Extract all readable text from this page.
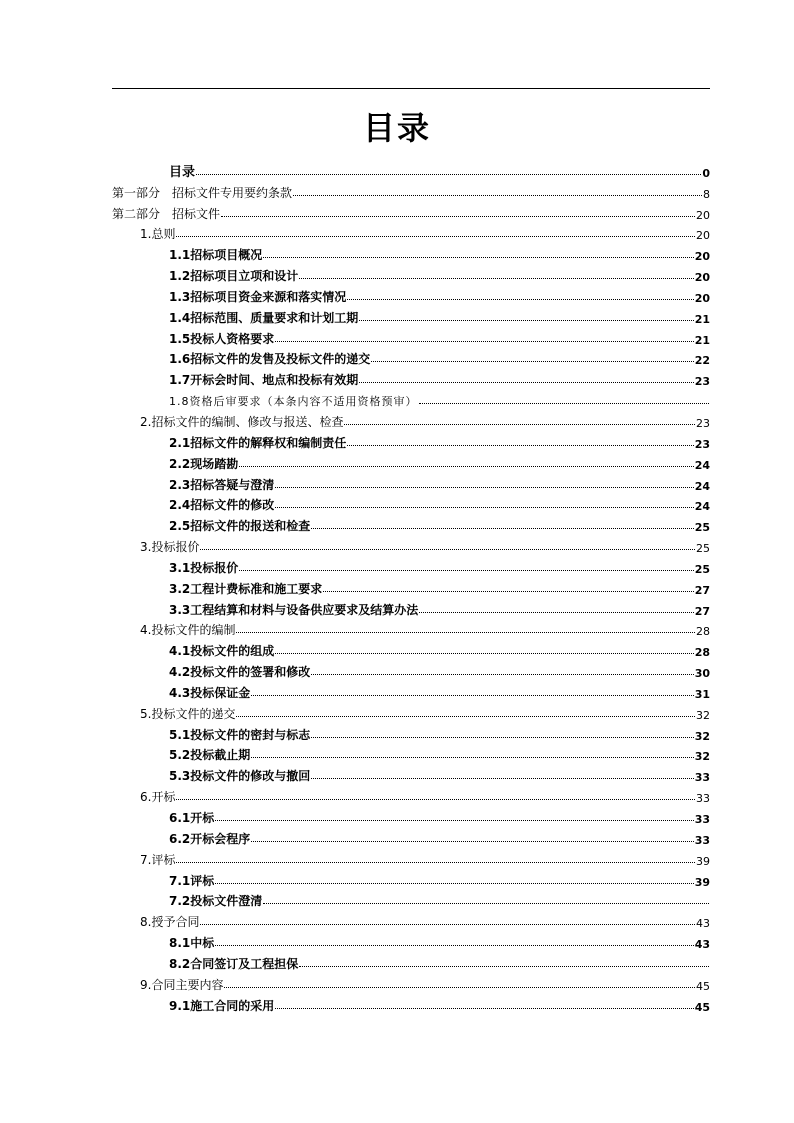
目录
目录	0
第一部分　招标文件专用要约条款	8
第二部分　招标文件	20
1.总则	20
1.1招标项目概况	20
1.2招标项目立项和设计	20
1.3招标项目资金来源和落实情况	20
1.4招标范围、质量要求和计划工期	21
1.5投标人资格要求	21
1.6招标文件的发售及投标文件的递交	22
1.7开标会时间、地点和投标有效期	23
1.8资格后审要求（本条内容不适用资格预审）
2.招标文件的编制、修改与报送、检查	23
2.1招标文件的解释权和编制责任	23
2.2现场踏勘	24
2.3招标答疑与澄清	24
2.4招标文件的修改	24
2.5招标文件的报送和检查	25
3.投标报价	25
3.1投标报价	25
3.2工程计费标准和施工要求	27
3.3工程结算和材料与设备供应要求及结算办法	27
4.投标文件的编制	28
4.1投标文件的组成	28
4.2投标文件的签署和修改	30
4.3投标保证金	31
5.投标文件的递交	32
5.1投标文件的密封与标志	32
5.2投标截止期	32
5.3投标文件的修改与撤回	33
6.开标	33
6.1开标	33
6.2开标会程序	33
7.评标	39
7.1评标	39
7.2投标文件澄清
8.授予合同	43
8.1中标	43
8.2合同签订及工程担保
9.合同主要内容	45
9.1施工合同的采用	45
